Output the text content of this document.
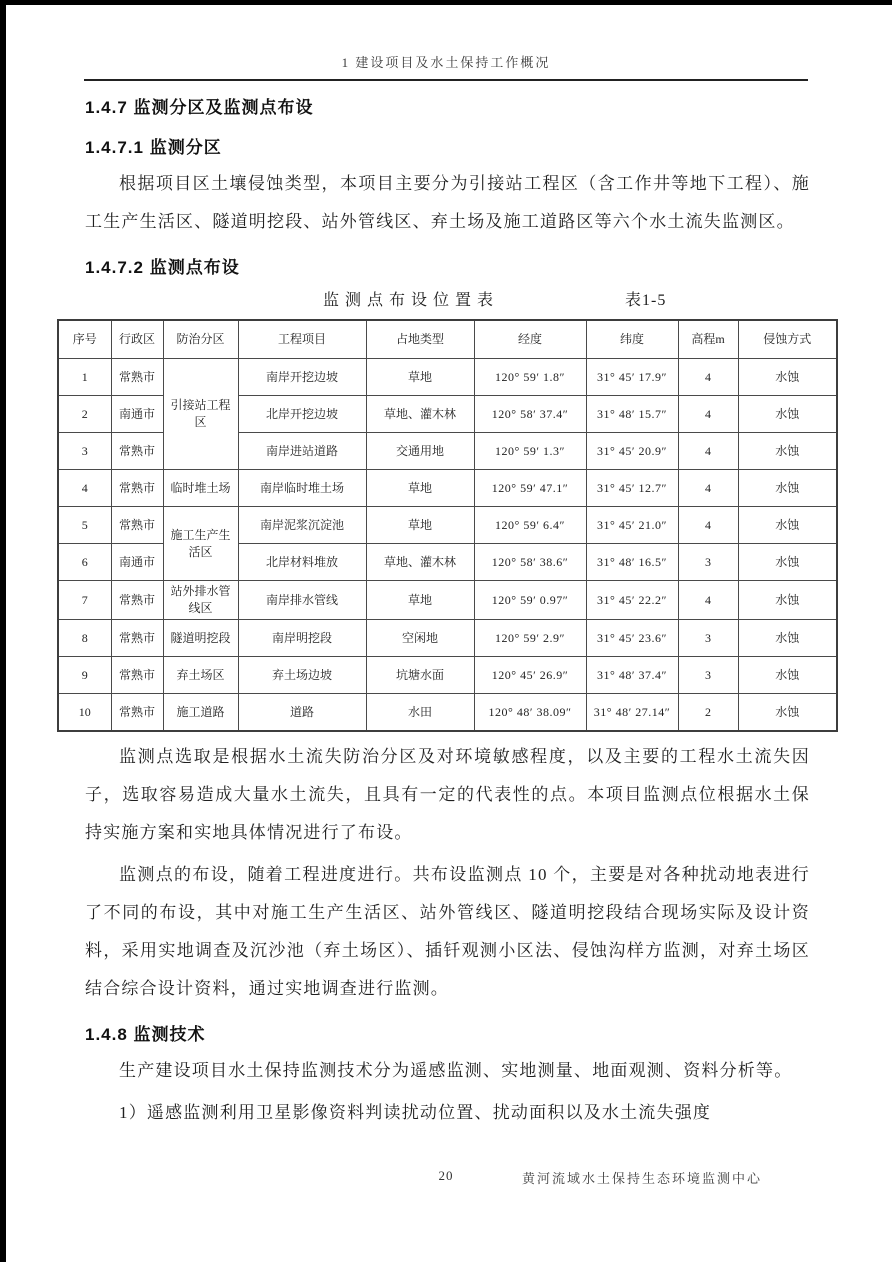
1 建设项目及水土保持工作概况
1.4.7 监测分区及监测点布设
1.4.7.1 监测分区

根据项目区土壤侵蚀类型，本项目主要分为引接站工程区（含工作井等地下工程）、施工生产生活区、隧道明挖段、站外管线区、弃土场及施工道路区等六个水土流失监测区。

1.4.7.2 监测点布设
监测点布设位置表	表1-5
序号	行政区	防治分区	工程项目	占地类型	经度	纬度	高程m	侵蚀方式
1	常熟市	引接站工程区	南岸开挖边坡	草地	120° 59′ 1.8″	31° 45′ 17.9″	4	水蚀
2	南通市		北岸开挖边坡	草地、灌木林	120° 58′ 37.4″	31° 48′ 15.7″	4	水蚀
3	常熟市		南岸进站道路	交通用地	120° 59′ 1.3″	31° 45′ 20.9″	4	水蚀
4	常熟市	临时堆土场	南岸临时堆土场	草地	120° 59′ 47.1″	31° 45′ 12.7″	4	水蚀
5	常熟市	施工生产生活区	南岸泥浆沉淀池	草地	120° 59′ 6.4″	31° 45′ 21.0″	4	水蚀
6	南通市		北岸材料堆放	草地、灌木林	120° 58′ 38.6″	31° 48′ 16.5″	3	水蚀
7	常熟市	站外排水管线区	南岸排水管线	草地	120° 59′ 0.97″	31° 45′ 22.2″	4	水蚀
8	常熟市	隧道明挖段	南岸明挖段	空闲地	120° 59′ 2.9″	31° 45′ 23.6″	3	水蚀
9	常熟市	弃土场区	弃土场边坡	坑塘水面	120° 45′ 26.9″	31° 48′ 37.4″	3	水蚀
10	常熟市	施工道路	道路	水田	120° 48′ 38.09″	31° 48′ 27.14″	2	水蚀

监测点选取是根据水土流失防治分区及对环境敏感程度，以及主要的工程水土流失因子，选取容易造成大量水土流失，且具有一定的代表性的点。本项目监测点位根据水土保持实施方案和实地具体情况进行了布设。

监测点的布设，随着工程进度进行。共布设监测点 10 个，主要是对各种扰动地表进行了不同的布设，其中对施工生产生活区、站外管线区、隧道明挖段结合现场实际及设计资料，采用实地调查及沉沙池（弃土场区）、插钎观测小区法、侵蚀沟样方监测，对弃土场区结合综合设计资料，通过实地调查进行监测。

1.4.8 监测技术

生产建设项目水土保持监测技术分为遥感监测、实地测量、地面观测、资料分析等。

1）遥感监测利用卫星影像资料判读扰动位置、扰动面积以及水土流失强度

20	黄河流域水土保持生态环境监测中心
